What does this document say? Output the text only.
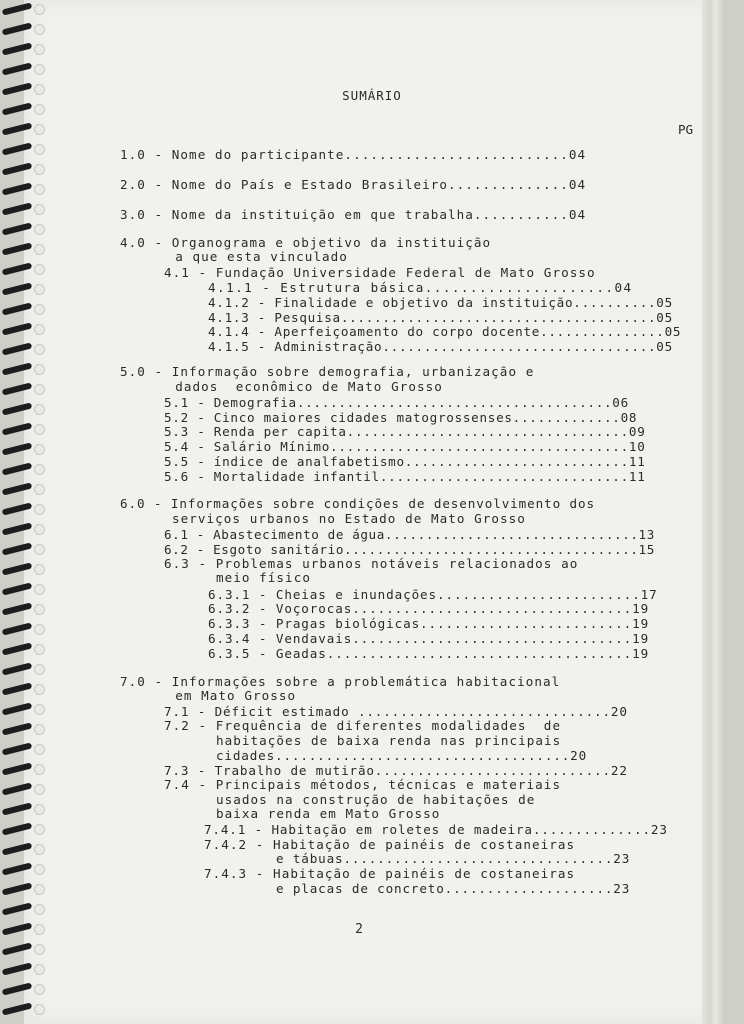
SUMÁRIO
PG
1.0 - Nome do participante..........................04
2.0 - Nome do País e Estado Brasileiro..............04
3.0 - Nome da instituição em que trabalha...........04
4.0 - Organograma e objetivo da instituição
a que esta vinculado
4.1 - Fundação Universidade Federal de Mato Grosso
4.1.1 - Estrutura básica.....................04
4.1.2 - Finalidade e objetivo da instituição..........05
4.1.3 - Pesquisa......................................05
4.1.4 - Aperfeiçoamento do corpo docente...............05
4.1.5 - Administração.................................05
5.0 - Informação sobre demografia, urbanização e
dados  econômico de Mato Grosso
5.1 - Demografia......................................06
5.2 - Cinco maiores cidades matogrossenses.............08
5.3 - Renda per capita..................................09
5.4 - Salário Mínimo....................................10
5.5 - índice de analfabetismo...........................11
5.6 - Mortalidade infantil..............................11
6.0 - Informações sobre condições de desenvolvimento dos
serviços urbanos no Estado de Mato Grosso
6.1 - Abastecimento de água...............................13
6.2 - Esgoto sanitário....................................15
6.3 - Problemas urbanos notáveis relacionados ao
meio físico
6.3.1 - Cheias e inundações........................17
6.3.2 - Voçorocas.................................19
6.3.3 - Pragas biológicas.........................19
6.3.4 - Vendavais.................................19
6.3.5 - Geadas....................................19
7.0 - Informações sobre a problemática habitacional
em Mato Grosso
7.1 - Déficit estimado ..............................20
7.2 - Frequência de diferentes modalidades  de
habitações de baixa renda nas principais
cidades...................................20
7.3 - Trabalho de mutirão............................22
7.4 - Principais métodos, técnicas e materiais
usados na construção de habitações de
baixa renda em Mato Grosso
7.4.1 - Habitação em roletes de madeira..............23
7.4.2 - Habitação de painéis de costaneiras
e tábuas................................23
7.4.3 - Habitação de painéis de costaneiras
e placas de concreto....................23
2
